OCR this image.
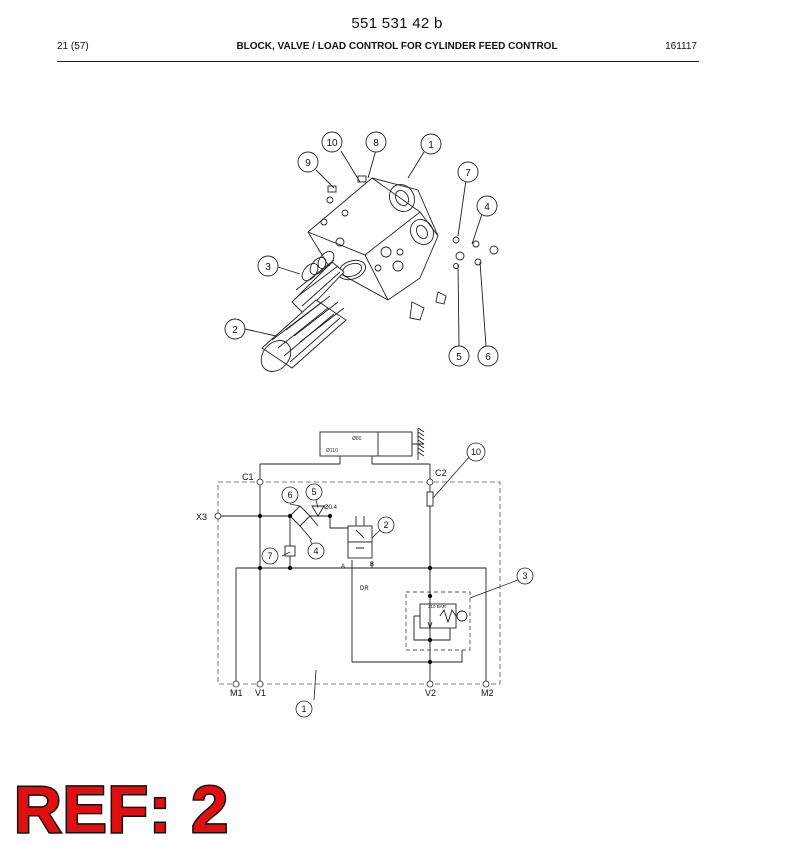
551 531 42 b
21 (57)	BLOCK, VALVE / LOAD CONTROL FOR CYLINDER FEED CONTROL	161117
10	8	1
9
7
4
3
2
5 6
Ø80
Ø110	10
6 5
2
7	4
3
1
C1	C2
X3
M1 V1	V2	M2
A	B
DR
Ø0.4
210 BAR
REF: 2
